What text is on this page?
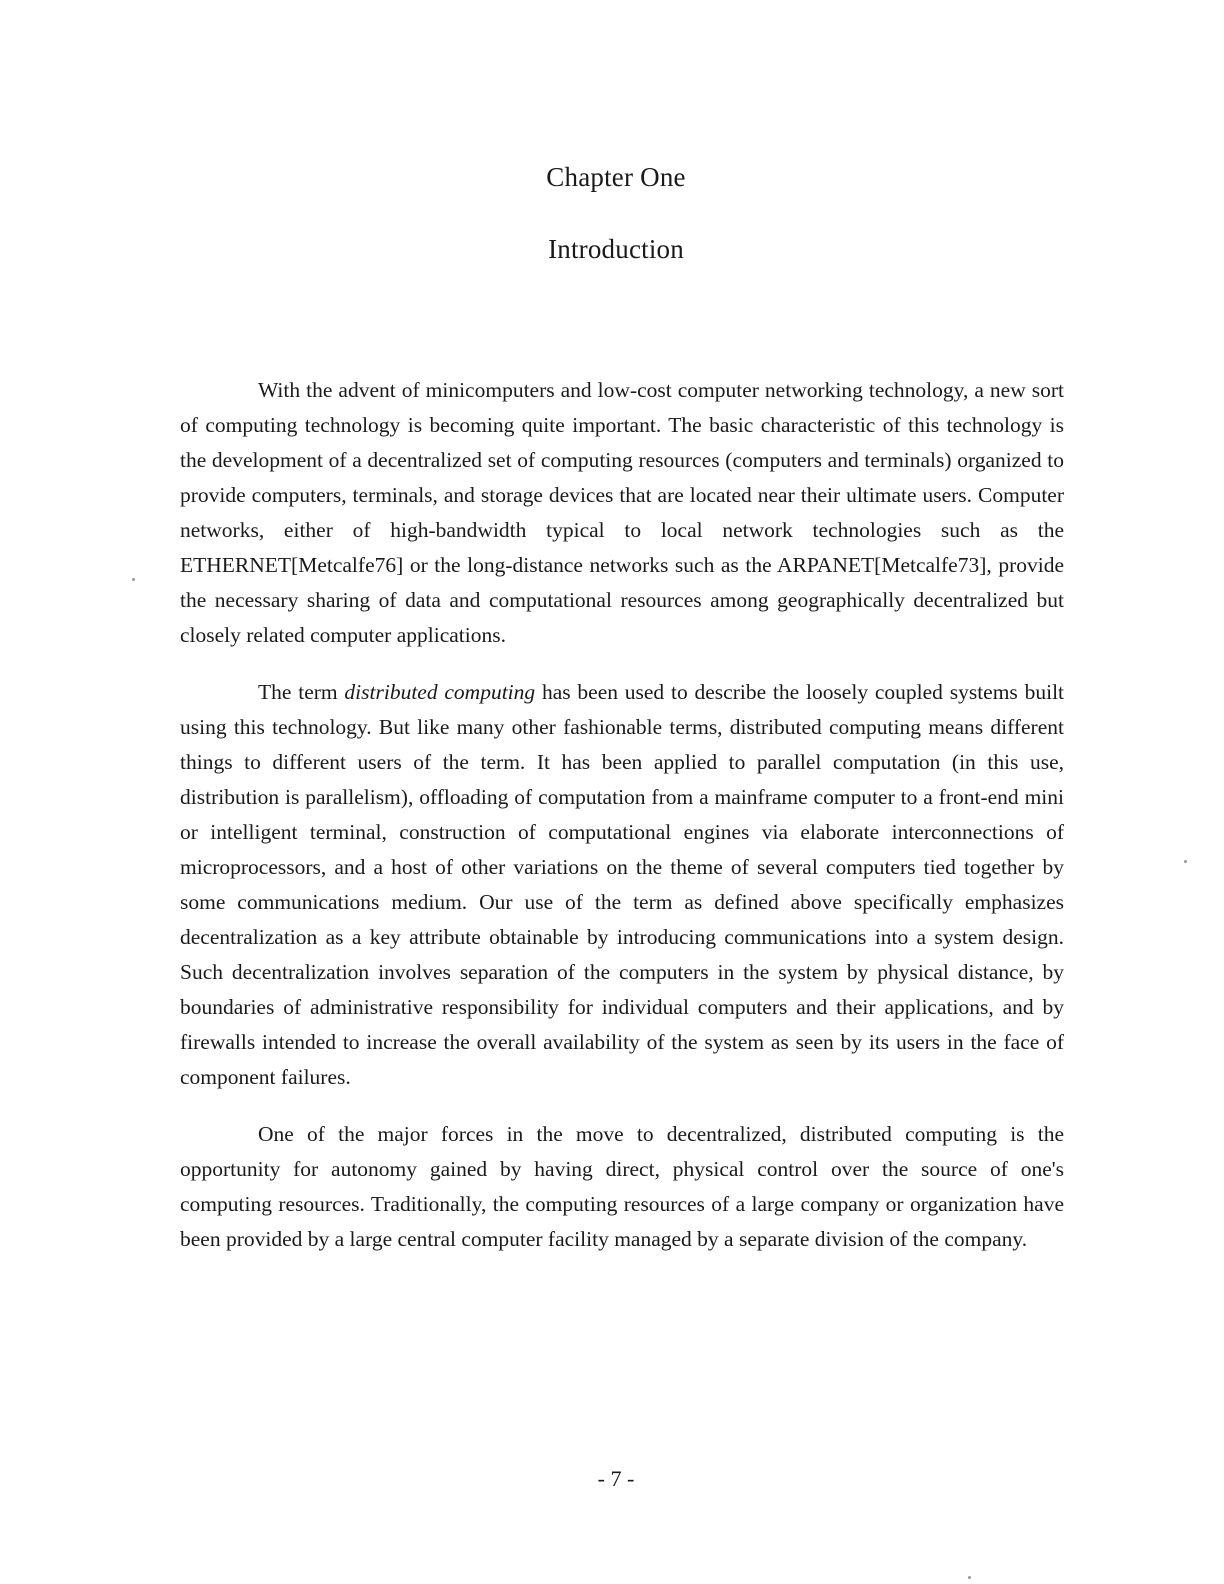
Chapter One
Introduction

With the advent of minicomputers and low-cost computer networking technology, a new sort of computing technology is becoming quite important. The basic characteristic of this technology is the development of a decentralized set of computing resources (computers and terminals) organized to provide computers, terminals, and storage devices that are located near their ultimate users. Computer networks, either of high-bandwidth typical to local network technologies such as the ETHERNET[Metcalfe76] or the long-distance networks such as the ARPANET[Metcalfe73], provide the necessary sharing of data and computational resources among geographically decentralized but closely related computer applications.

The term distributed computing has been used to describe the loosely coupled systems built using this technology. But like many other fashionable terms, distributed computing means different things to different users of the term. It has been applied to parallel computation (in this use, distribution is parallelism), offloading of computation from a mainframe computer to a front-end mini or intelligent terminal, construction of computational engines via elaborate interconnections of microprocessors, and a host of other variations on the theme of several computers tied together by some communications medium. Our use of the term as defined above specifically emphasizes decentralization as a key attribute obtainable by introducing communications into a system design. Such decentralization involves separation of the computers in the system by physical distance, by boundaries of administrative responsibility for individual computers and their applications, and by firewalls intended to increase the overall availability of the system as seen by its users in the face of component failures.

One of the major forces in the move to decentralized, distributed computing is the opportunity for autonomy gained by having direct, physical control over the source of one's computing resources. Traditionally, the computing resources of a large company or organization have been provided by a large central computer facility managed by a separate division of the company.

- 7 -
